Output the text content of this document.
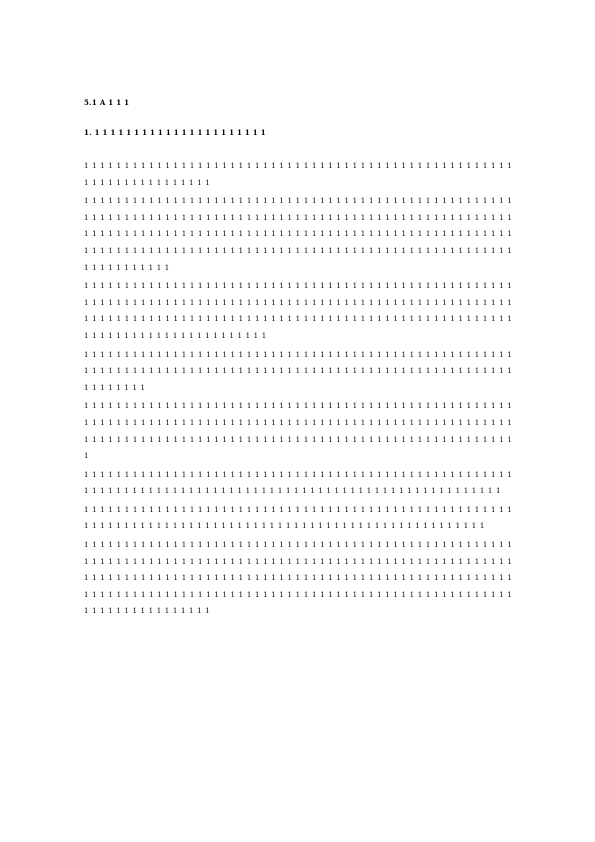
5.1 A 1 1 1
1. 1 1 1 1 1 1 1 1 1 1 1 1 1 1 1 1 1 1 1 1 1 1

1 1 1 1 1 1 1 1 1 1 1 1 1 1 1 1 1 1 1 1 1 1 1 1 1 1 1 1 1 1 1 1 1 1 1 1 1 1 1 1 1 1 1 1 1 1 1 1 1 1 1 1 1 1 1 1 1 1 1 1 1 1 1 1 1 1 1 1 1

1 1 1 1 1 1 1 1 1 1 1 1 1 1 1 1 1 1 1 1 1 1 1 1 1 1 1 1 1 1 1 1 1 1 1 1 1 1 1 1 1 1 1 1 1 1 1 1 1 1 1 1 1 1 1 1 1 1 1 1 1 1 1 1 1 1 1 1 1 1 1 1 1 1 1 1 1 1 1 1 1 1 1 1 1 1 1 1 1 1 1 1 1 1 1 1 1 1 1 1 1 1 1 1 1 1 1 1 1 1 1 1 1 1 1 1 1 1 1 1 1 1 1 1 1 1 1 1 1 1 1 1 1 1 1 1 1 1 1 1 1 1 1 1 1 1 1 1 1 1 1 1 1 1 1 1 1 1 1 1 1 1 1 1 1 1 1 1 1 1 1 1 1 1 1 1 1 1 1 1 1 1 1 1 1 1 1 1 1 1 1 1 1 1 1 1 1 1 1 1 1 1 1 1 1 1 1 1 1 1 1 1 1 1 1 1 1 1 1 1 1 1 1

1 1 1 1 1 1 1 1 1 1 1 1 1 1 1 1 1 1 1 1 1 1 1 1 1 1 1 1 1 1 1 1 1 1 1 1 1 1 1 1 1 1 1 1 1 1 1 1 1 1 1 1 1 1 1 1 1 1 1 1 1 1 1 1 1 1 1 1 1 1 1 1 1 1 1 1 1 1 1 1 1 1 1 1 1 1 1 1 1 1 1 1 1 1 1 1 1 1 1 1 1 1 1 1 1 1 1 1 1 1 1 1 1 1 1 1 1 1 1 1 1 1 1 1 1 1 1 1 1 1 1 1 1 1 1 1 1 1 1 1 1 1 1 1 1 1 1 1 1 1 1 1 1 1 1 1 1 1 1 1 1 1 1 1 1 1 1 1 1 1 1 1 1 1 1 1 1 1 1 1 1 1

1 1 1 1 1 1 1 1 1 1 1 1 1 1 1 1 1 1 1 1 1 1 1 1 1 1 1 1 1 1 1 1 1 1 1 1 1 1 1 1 1 1 1 1 1 1 1 1 1 1 1 1 1 1 1 1 1 1 1 1 1 1 1 1 1 1 1 1 1 1 1 1 1 1 1 1 1 1 1 1 1 1 1 1 1 1 1 1 1 1 1 1 1 1 1 1 1 1 1 1 1 1 1 1 1 1 1 1 1 1 1 1 1 1

1 1 1 1 1 1 1 1 1 1 1 1 1 1 1 1 1 1 1 1 1 1 1 1 1 1 1 1 1 1 1 1 1 1 1 1 1 1 1 1 1 1 1 1 1 1 1 1 1 1 1 1 1 1 1 1 1 1 1 1 1 1 1 1 1 1 1 1 1 1 1 1 1 1 1 1 1 1 1 1 1 1 1 1 1 1 1 1 1 1 1 1 1 1 1 1 1 1 1 1 1 1 1 1 1 1 1 1 1 1 1 1 1 1 1 1 1 1 1 1 1 1 1 1 1 1 1 1 1 1 1 1 1 1 1 1 1 1 1 1 1 1 1 1 1 1 1 1 1 1 1 1 1 1 1 1 1 1 1 1

1 1 1 1 1 1 1 1 1 1 1 1 1 1 1 1 1 1 1 1 1 1 1 1 1 1 1 1 1 1 1 1 1 1 1 1 1 1 1 1 1 1 1 1 1 1 1 1 1 1 1 1 1 1 1 1 1 1 1 1 1 1 1 1 1 1 1 1 1 1 1 1 1 1 1 1 1 1 1 1 1 1 1 1 1 1 1 1 1 1 1 1 1 1 1 1 1 1 1 1 1 1 1 1 1

1 1 1 1 1 1 1 1 1 1 1 1 1 1 1 1 1 1 1 1 1 1 1 1 1 1 1 1 1 1 1 1 1 1 1 1 1 1 1 1 1 1 1 1 1 1 1 1 1 1 1 1 1 1 1 1 1 1 1 1 1 1 1 1 1 1 1 1 1 1 1 1 1 1 1 1 1 1 1 1 1 1 1 1 1 1 1 1 1 1 1 1 1 1 1 1 1 1 1 1 1 1 1

1 1 1 1 1 1 1 1 1 1 1 1 1 1 1 1 1 1 1 1 1 1 1 1 1 1 1 1 1 1 1 1 1 1 1 1 1 1 1 1 1 1 1 1 1 1 1 1 1 1 1 1 1 1 1 1 1 1 1 1 1 1 1 1 1 1 1 1 1 1 1 1 1 1 1 1 1 1 1 1 1 1 1 1 1 1 1 1 1 1 1 1 1 1 1 1 1 1 1 1 1 1 1 1 1 1 1 1 1 1 1 1 1 1 1 1 1 1 1 1 1 1 1 1 1 1 1 1 1 1 1 1 1 1 1 1 1 1 1 1 1 1 1 1 1 1 1 1 1 1 1 1 1 1 1 1 1 1 1 1 1 1 1 1 1 1 1 1 1 1 1 1 1 1 1 1 1 1 1 1 1 1 1 1 1 1 1 1 1 1 1 1 1 1 1 1 1 1 1 1 1 1 1 1 1 1 1 1 1 1 1 1 1 1 1 1 1 1 1 1 1 1 1 1 1 1 1 1
